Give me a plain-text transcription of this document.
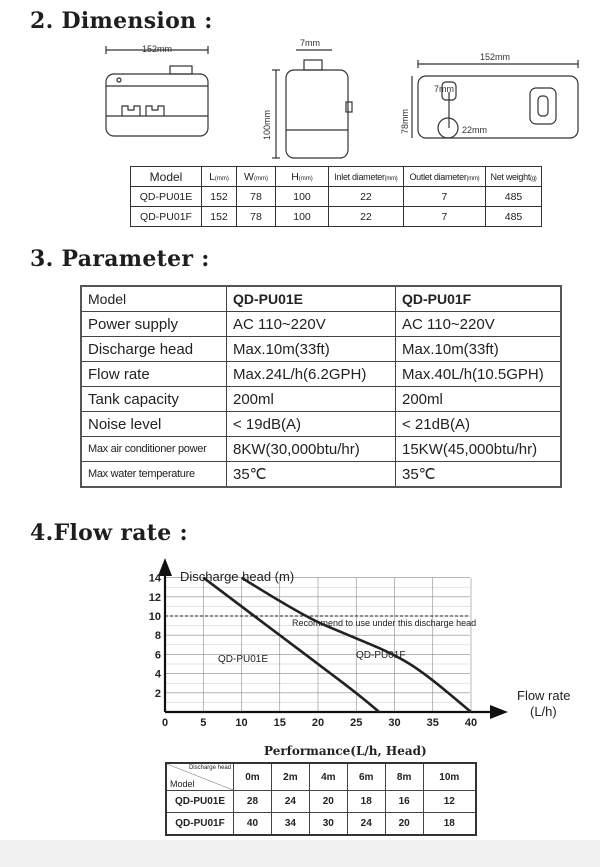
2. Dimension :
152mm
7mm
100mm
152mm
78mm
7mm
22mm
Model	L(mm)	W(mm)	H(mm)	Inlet diameter(mm)	Outlet diameter(mm)	Net weight(g)
QD-PU01E	152	78	100	22	7	485
QD-PU01F	152	78	100	22	7	485
3. Parameter :
Model	QD-PU01E	QD-PU01F
Power supply	AC 110~220V	AC 110~220V
Discharge head	Max.10m(33ft)	Max.10m(33ft)
Flow rate	Max.24L/h(6.2GPH)	Max.40L/h(10.5GPH)
Tank capacity	200ml	200ml
Noise level	< 19dB(A)	< 21dB(A)
Max air conditioner power	8KW(30,000btu/hr)	15KW(45,000btu/hr)
Max water temperature	35℃	35℃
4.Flow rate :
0	5	10 15 20 25 30 35 40
2
4
6
8
10
12
14 Discharge head (m)
Flow rate
(L/h)
Recommend to use under this discharge head
QD-PU01E	QD-PU01F
Performance(L/h, Head)
Discharge head
Model	0m	2m	4m	6m	8m	10m
QD-PU01E	28	24	20	18	16	12
QD-PU01F	40	34	30	24	20	18
